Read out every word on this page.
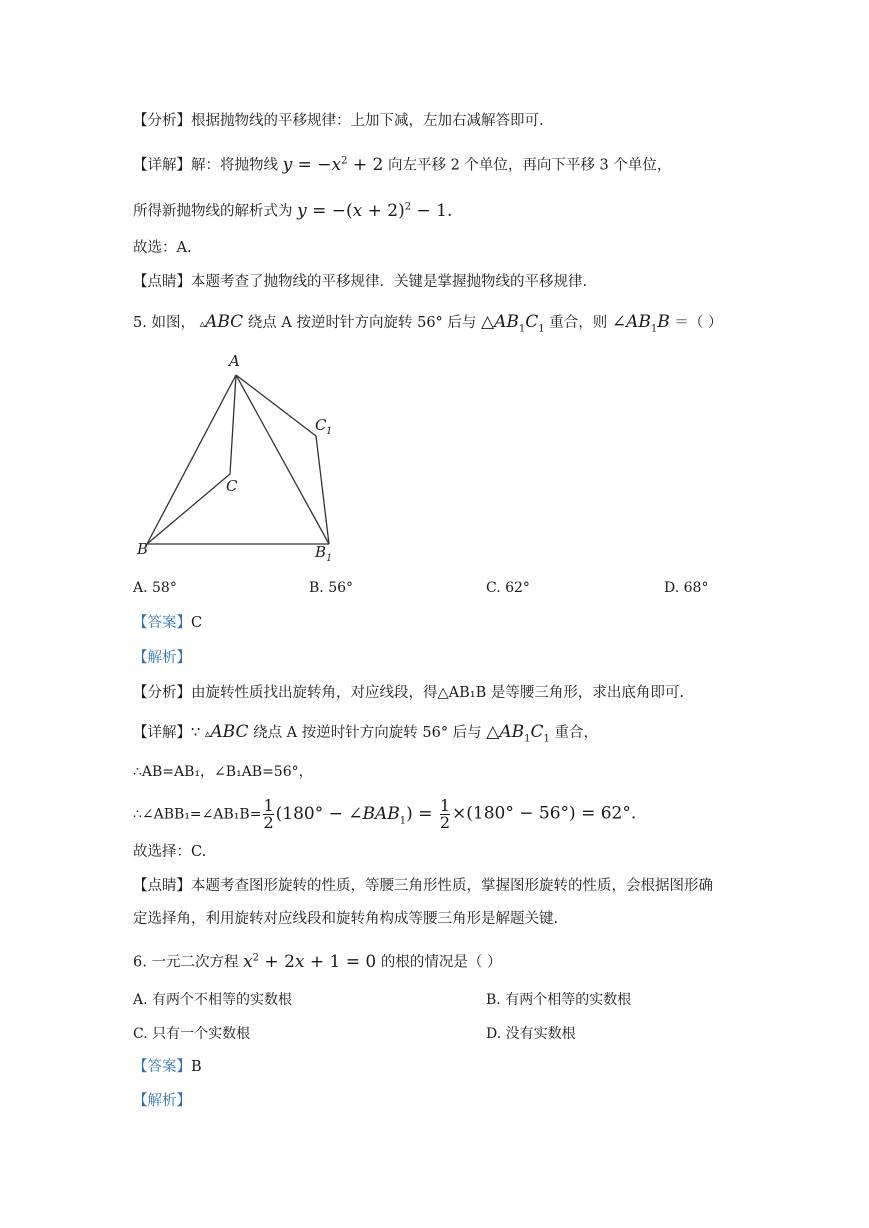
【分析】根据抛物线的平移规律：上加下减，左加右减解答即可.
【详解】解：将抛物线 $y = -x^2 + 2$ 向左平移 2 个单位，再向下平移 3 个单位，
所得新抛物线的解析式为 $y = -(x + 2)^2 - 1$.
故选：A.
【点睛】本题考查了抛物线的平移规律．关键是掌握抛物线的平移规律.
5. 如图， ▵ABC 绕点 A 按逆时针方向旋转 56° 后与 $\triangle AB_1C_1$ 重合，则 $\angle AB_1B$ ＝（ ）
A
C
B
C 1
B 1
A. 58°	B. 56°	C. 62°	D. 68°
【答案】C
【解析】
【分析】由旋转性质找出旋转角，对应线段，得△AB₁B 是等腰三角形，求出底角即可.
【详解】∵ ▵ABC 绕点 A 按逆时针方向旋转 56° 后与 $\triangle AB_1C_1$ 重合，
∴AB=AB₁，∠B₁AB=56°，
∴∠ABB₁=∠AB₁B= $\frac{1}{2} (180^\circ$ − $\angle BAB_1) = \frac{1}{2} \times(180^\circ - 56^\circ) = 62^\circ$.
故选择：C.
【点睛】本题考查图形旋转的性质，等腰三角形性质，掌握图形旋转的性质，会根据图形确
定选择角，利用旋转对应线段和旋转角构成等腰三角形是解题关键.
6. 一元二次方程 $x^2 + 2x + 1 = 0$ 的根的情况是（ ）
A. 有两个不相等的实数根	B. 有两个相等的实数根
C. 只有一个实数根	D. 没有实数根
【答案】B
【解析】
